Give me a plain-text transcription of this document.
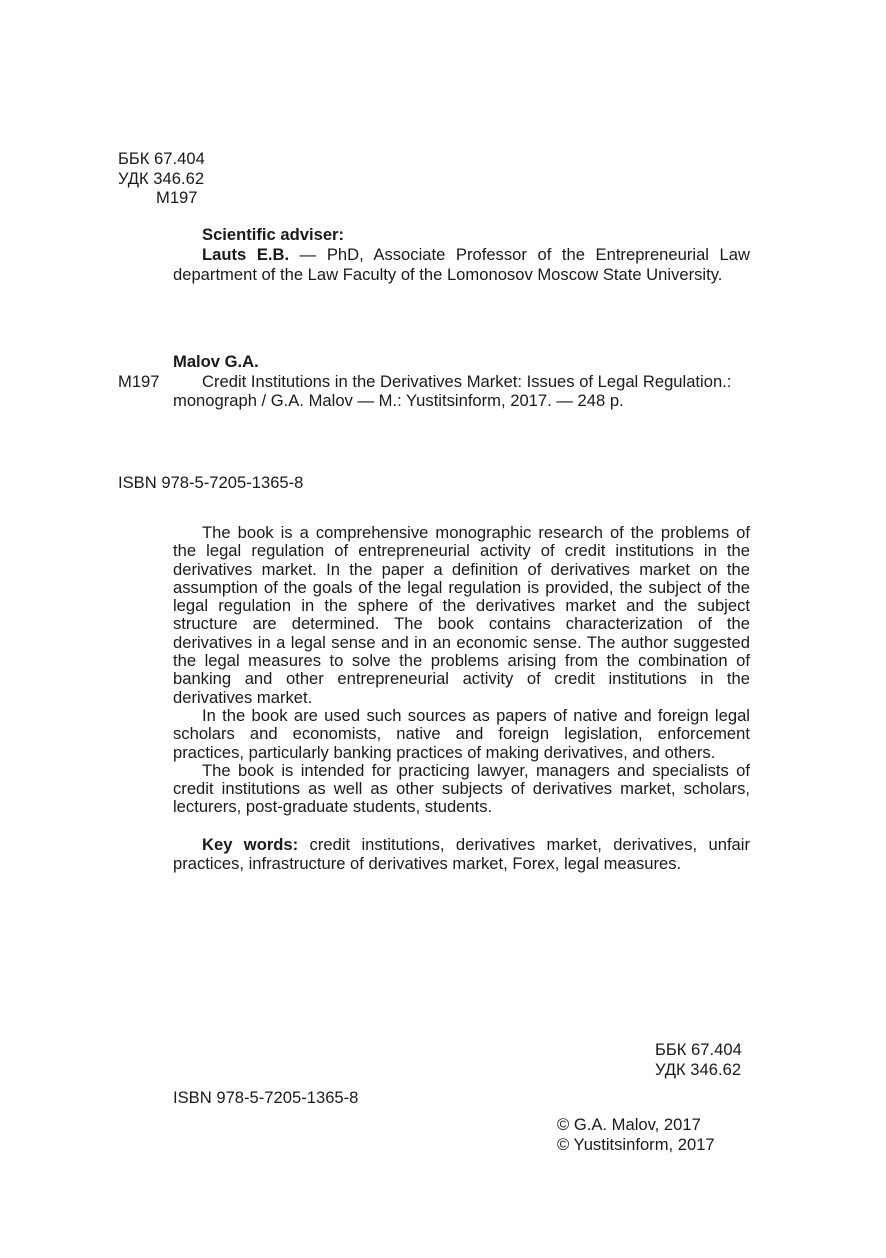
ББК 67.404
УДК 346.62
М197
Scientific adviser:
Lauts E.B. — PhD, Associate Professor of the Entrepreneurial Law department of the Law Faculty of the Lomonosov Moscow State University.
Malov G.A.
M197	Credit Institutions in the Derivatives Market: Issues of Legal Regulation.:
monograph / G.A. Malov — M.: Yustitsinform, 2017. — 248 p.
ISBN 978-5-7205-1365-8

The book is a comprehensive monographic research of the problems of the legal regulation of entrepreneurial activity of credit institutions in the derivatives market. In the paper a definition of derivatives market on the assumption of the goals of the legal regulation is provided, the subject of the legal regulation in the sphere of the derivatives market and the subject structure are determined. The book contains characterization of the derivatives in a legal sense and in an economic sense. The author suggested the legal measures to solve the problems arising from the combination of banking and other entrepreneurial activity of credit institutions in the derivatives market.

In the book are used such sources as papers of native and foreign legal scholars and economists, native and foreign legislation, enforcement practices, particularly banking practices of making derivatives, and others.

The book is intended for practicing lawyer, managers and specialists of credit institutions as well as other subjects of derivatives market, scholars, lecturers, post-graduate students, students.

Key words: credit institutions, derivatives market, derivatives, unfair practices, infrastructure of derivatives market, Forex, legal measures.
ББК 67.404
УДК 346.62
ISBN 978-5-7205-1365-8
© G.A. Malov, 2017
© Yustitsinform, 2017
